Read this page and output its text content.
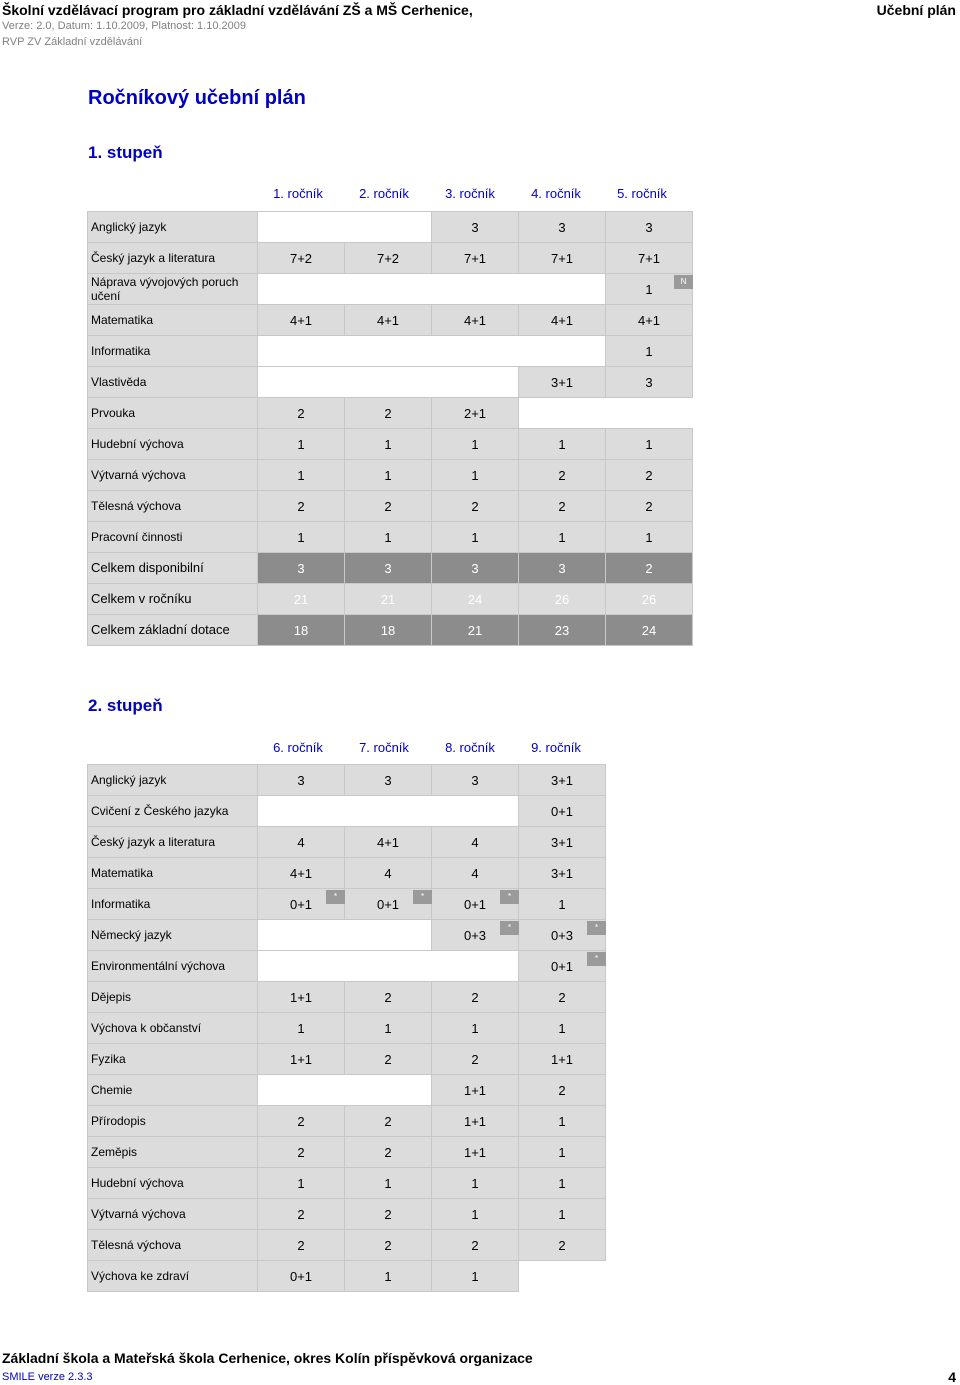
Školní vzdělávací program pro základní vzdělávání ZŠ a MŠ Cerhenice,	Učební plán
Verze: 2.0, Datum: 1.10.2009, Platnost: 1.10.2009
RVP ZV Základní vzdělávání
Ročníkový učební plán
1. stupeň
1. ročník	2. ročník	3. ročník	4. ročník	5. ročník
Anglický jazyk			3	3	3
Český jazyk a literatura	7+2	7+2	7+1	7+1	7+1
Náprava vývojových poruch učení					1 N

Matematika	4+1	4+1	4+1	4+1	4+1
Informatika					1
Vlastivěda				3+1	3
Prvouka	2	2	2+1		
Hudební výchova	1	1	1	1	1
Výtvarná výchova	1	1	1	2	2
Tělesná výchova	2	2	2	2	2
Pracovní činnosti	1	1	1	1	1
Celkem disponibilní	3	3	3	3	2
Celkem v ročníku	21	21	24	26	26
Celkem základní dotace	18	18	21	23	24
2. stupeň
6. ročník	7. ročník	8. ročník	9. ročník
Anglický jazyk	3	3	3	3+1
Cvičení z Českého jazyka				0+1
Český jazyk a literatura	4	4+1	4	3+1
Matematika	4+1	4	4	3+1
Informatika	0+1 *	0+1 *	0+1 *	1
Německý jazyk			0+3 *	0+3 *

Environmentální výchova				0+1 *

Dějepis	1+1	2	2	2
Výchova k občanství	1	1	1	1
Fyzika	1+1	2	2	1+1
Chemie			1+1	2
Přírodopis	2	2	1+1	1
Zeměpis	2	2	1+1	1
Hudební výchova	1	1	1	1
Výtvarná výchova	2	2	1	1
Tělesná výchova	2	2	2	2
Výchova ke zdraví	0+1	1	1	
Základní škola a Mateřská škola Cerhenice, okres Kolín příspěvková organizace
SMILE verze 2.3.3	4
